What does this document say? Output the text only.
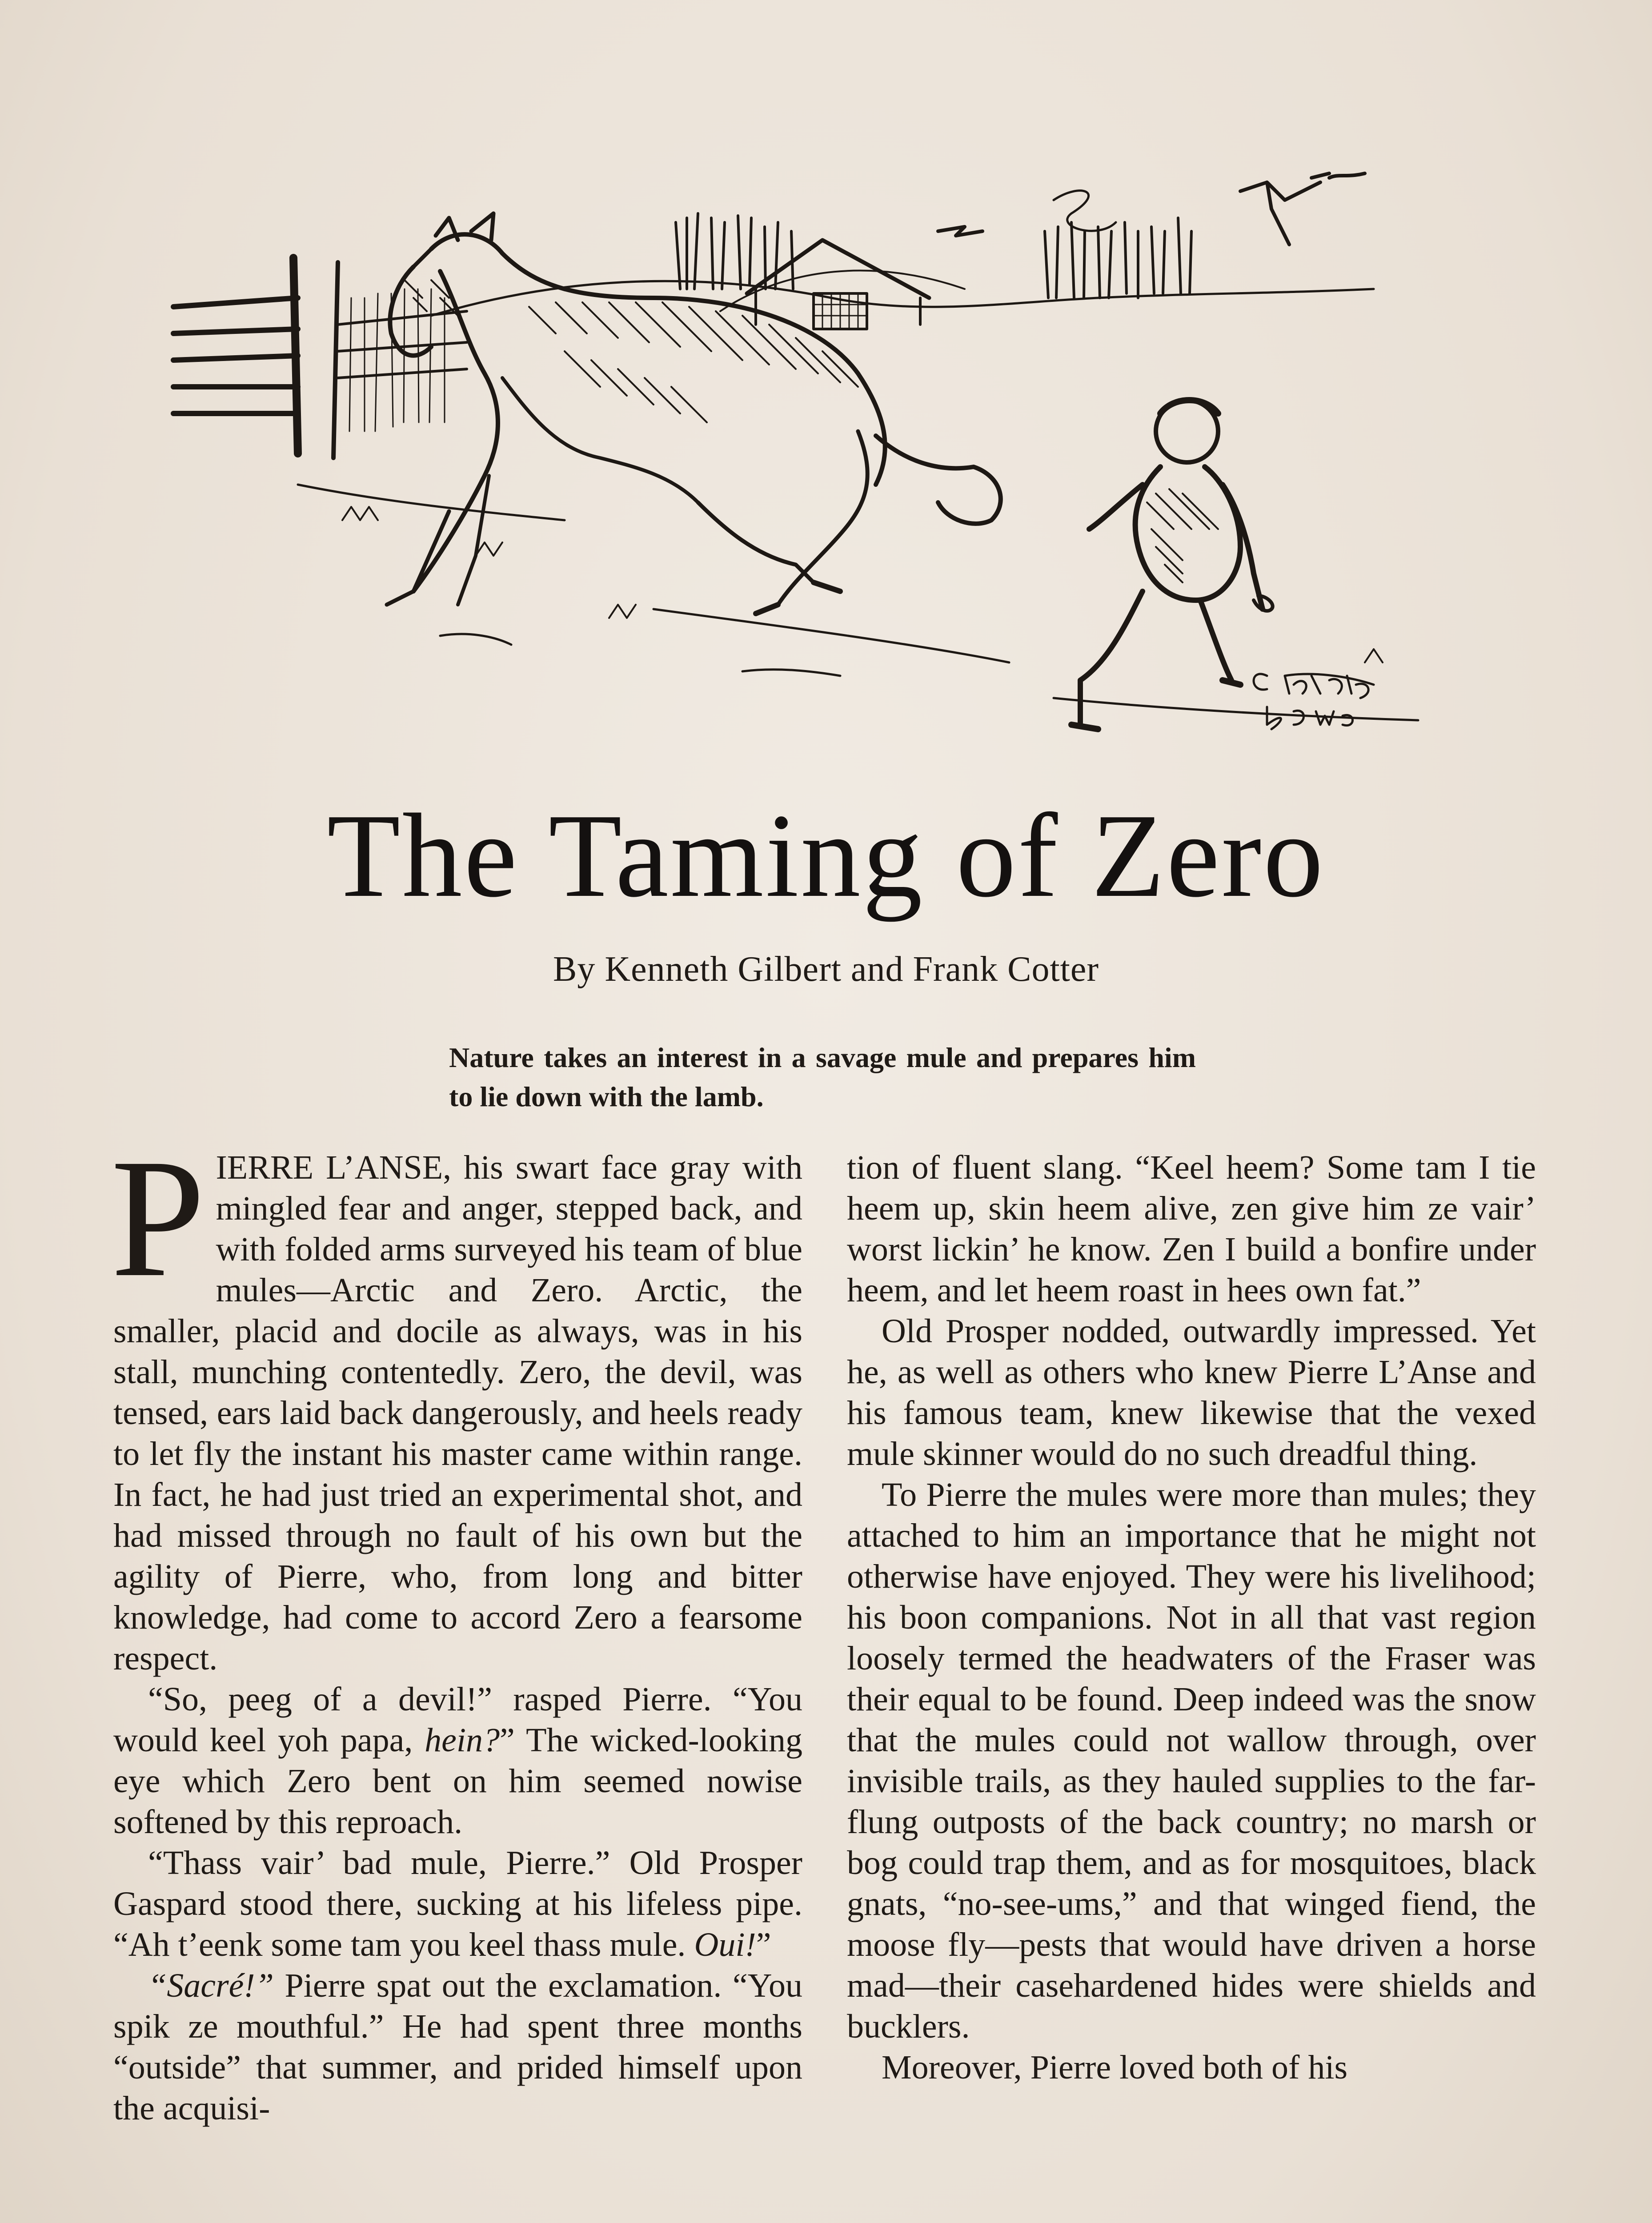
The Taming of Zero
By Kenneth Gilbert and Frank Cotter
Nature takes an interest in a savage mule and prepares him to lie down with the lamb.

PIERRE L’ANSE, his swart face gray with mingled fear and anger, stepped back, and with folded arms surveyed his team of blue mules—Arctic and Zero. Arctic, the smaller, placid and docile as always, was in his stall, munching contentedly. Zero, the devil, was tensed, ears laid back dangerously, and heels ready to let fly the instant his master came within range. In fact, he had just tried an experimental shot, and had missed through no fault of his own but the agility of Pierre, who, from long and bitter knowledge, had come to accord Zero a fearsome respect.

“So, peeg of a devil!” rasped Pierre. “You would keel yoh papa, hein?” The wicked-looking eye which Zero bent on him seemed nowise softened by this reproach.

“Thass vair’ bad mule, Pierre.” Old Prosper Gaspard stood there, sucking at his lifeless pipe. “Ah t’eenk some tam you keel thass mule. Oui!”

“Sacré!” Pierre spat out the exclamation. “You spik ze mouthful.” He had spent three months “outside” that summer, and prided himself upon the acquisi-

tion of fluent slang. “Keel heem? Some tam I tie heem up, skin heem alive, zen give him ze vair’ worst lickin’ he know. Zen I build a bonfire under heem, and let heem roast in hees own fat.”

Old Prosper nodded, outwardly impressed. Yet he, as well as others who knew Pierre L’Anse and his famous team, knew likewise that the vexed mule skinner would do no such dreadful thing.

To Pierre the mules were more than mules; they attached to him an importance that he might not otherwise have enjoyed. They were his livelihood; his boon companions. Not in all that vast region loosely termed the headwaters of the Fraser was their equal to be found. Deep indeed was the snow that the mules could not wallow through, over invisible trails, as they hauled supplies to the far-flung outposts of the back country; no marsh or bog could trap them, and as for mosquitoes, black gnats, “no-see-ums,” and that winged fiend, the moose fly—pests that would have driven a horse mad—their casehardened hides were shields and bucklers.

Moreover, Pierre loved both of his
